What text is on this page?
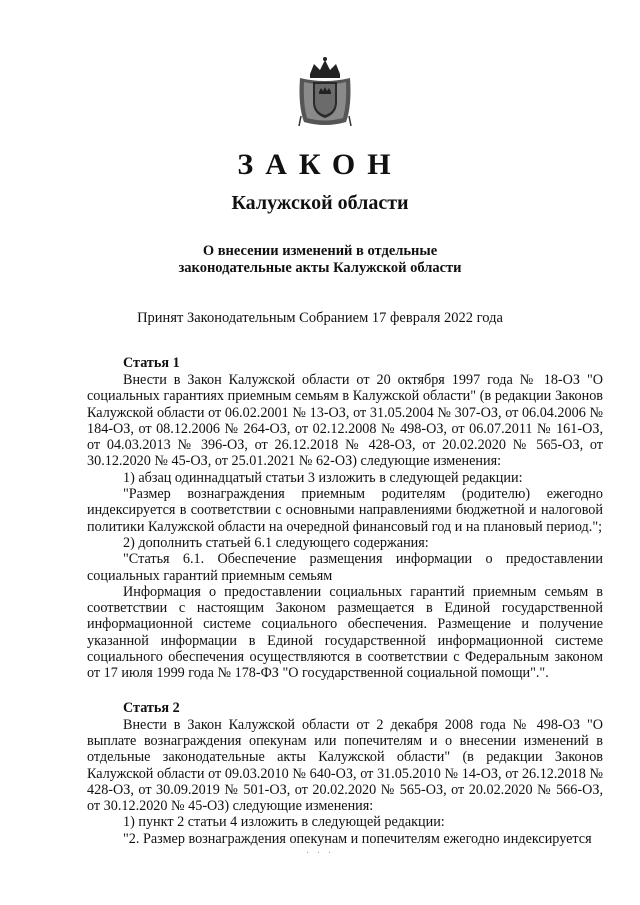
ЗАКОН
Калужской области
О внесении изменений в отдельные
законодательные акты Калужской области
Принят Законодательным Собранием 17 февраля 2022 года
Статья 1

Внести в Закон Калужской области от 20 октября 1997 года № 18-ОЗ "О социальных гарантиях приемным семьям в Калужской области" (в редакции Законов Калужской области от 06.02.2001 № 13-ОЗ, от 31.05.2004 № 307-ОЗ, от 06.04.2006 № 184-ОЗ, от 08.12.2006 № 264-ОЗ, от 02.12.2008 № 498-ОЗ, от 06.07.2011 № 161-ОЗ, от 04.03.2013 № 396-ОЗ, от 26.12.2018 № 428-ОЗ, от 20.02.2020 № 565-ОЗ, от 30.12.2020 № 45-ОЗ, от 25.01.2021 № 62-ОЗ) следующие изменения:

1) абзац одиннадцатый статьи 3 изложить в следующей редакции:

"Размер вознаграждения приемным родителям (родителю) ежегодно индексируется в соответствии с основными направлениями бюджетной и налоговой политики Калужской области на очередной финансовый год и на плановый период.";

2) дополнить статьей 6.1 следующего содержания:

"Статья 6.1. Обеспечение размещения информации о предоставлении социальных гарантий приемным семьям

Информация о предоставлении социальных гарантий приемным семьям в соответствии с настоящим Законом размещается в Единой государственной информационной системе социального обеспечения. Размещение и получение указанной информации в Единой государственной информационной системе социального обеспечения осуществляются в соответствии с Федеральным законом от 17 июля 1999 года № 178-ФЗ "О государственной социальной помощи".".

Статья 2

Внести в Закон Калужской области от 2 декабря 2008 года № 498-ОЗ "О выплате вознаграждения опекунам или попечителям и о внесении изменений в отдельные законодательные акты Калужской области" (в редакции Законов Калужской области от 09.03.2010 № 640-ОЗ, от 31.05.2010 № 14-ОЗ, от 26.12.2018 № 428-ОЗ, от 30.09.2019 № 501-ОЗ, от 20.02.2020 № 565-ОЗ, от 20.02.2020 № 566-ОЗ, от 30.12.2020 № 45-ОЗ) следующие изменения:

1) пункт 2 статьи 4 изложить в следующей редакции:

"2. Размер вознаграждения опекунам и попечителям ежегодно индексируется

. . .
